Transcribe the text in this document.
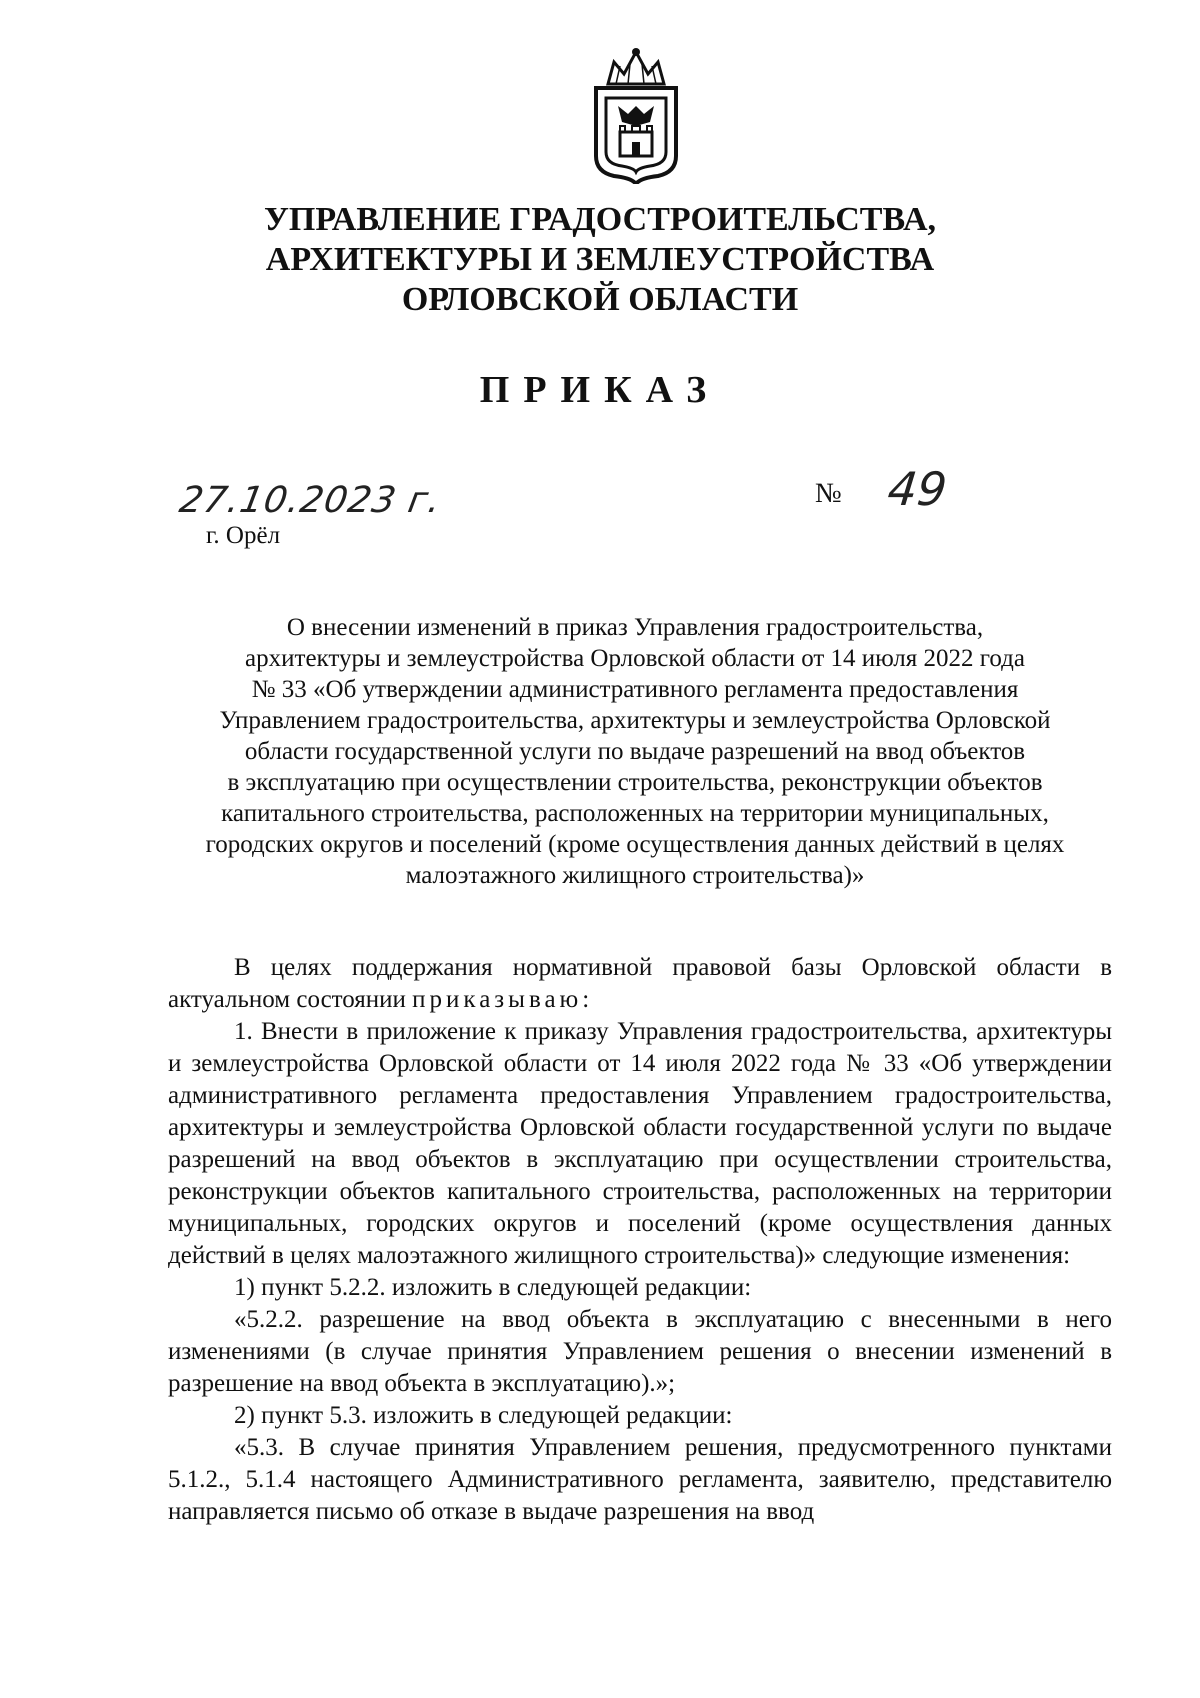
УПРАВЛЕНИЕ ГРАДОСТРОИТЕЛЬСТВА,
АРХИТЕКТУРЫ И ЗЕМЛЕУСТРОЙСТВА
ОРЛОВСКОЙ ОБЛАСТИ
ПРИКАЗ
27.10.2023 г.
г. Орёл
№ 49
О внесении изменений в приказ Управления градостроительства,
архитектуры и землеустройства Орловской области от 14 июля 2022 года
№ 33 «Об утверждении административного регламента предоставления
Управлением градостроительства, архитектуры и землеустройства Орловской
области государственной услуги по выдаче разрешений на ввод объектов
в эксплуатацию при осуществлении строительства, реконструкции объектов
капитального строительства, расположенных на территории муниципальных,
городских округов и поселений (кроме осуществления данных действий в целях
малоэтажного жилищного строительства)»

В целях поддержания нормативной правовой базы Орловской области в актуальном состоянии приказываю:

1. Внести в приложение к приказу Управления градостроительства, архитектуры и землеустройства Орловской области от 14 июля 2022 года № 33 «Об утверждении административного регламента предоставления Управлением градостроительства, архитектуры и землеустройства Орловской области государственной услуги по выдаче разрешений на ввод объектов в эксплуатацию при осуществлении строительства, реконструкции объектов капитального строительства, расположенных на территории муниципальных, городских округов и поселений (кроме осуществления данных действий в целях малоэтажного жилищного строительства)» следующие изменения:

1) пункт 5.2.2. изложить в следующей редакции:

«5.2.2. разрешение на ввод объекта в эксплуатацию с внесенными в него изменениями (в случае принятия Управлением решения о внесении изменений в разрешение на ввод объекта в эксплуатацию).»;

2) пункт 5.3. изложить в следующей редакции:

«5.3. В случае принятия Управлением решения, предусмотренного пунктами 5.1.2., 5.1.4 настоящего Административного регламента, заявителю, представителю направляется письмо об отказе в выдаче разрешения на ввод
